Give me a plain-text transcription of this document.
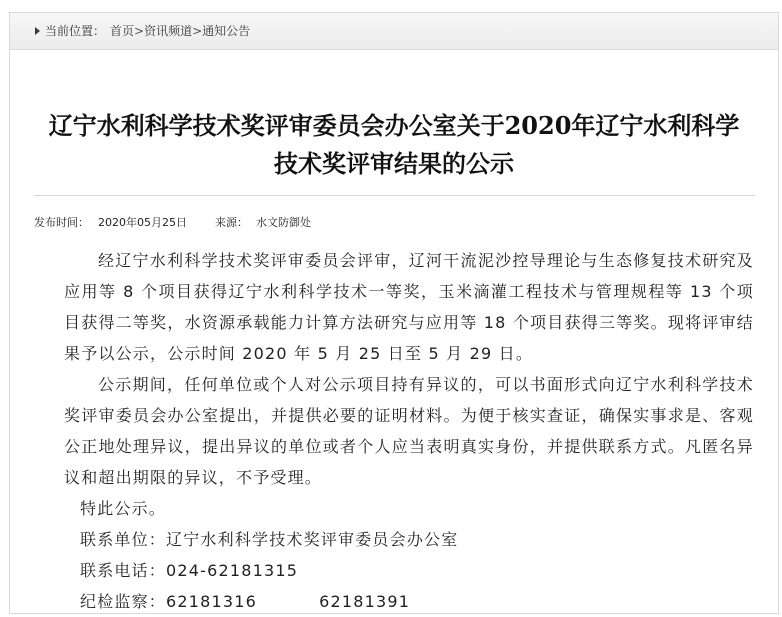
当前位置： 首页>资讯频道>通知公告
辽宁水利科学技术奖评审委员会办公室关于2020年辽宁水利科学
技术奖评审结果的公示
发布时间： 2020年05月25日	来源： 水文防御处

经辽宁水利科学技术奖评审委员会评审，辽河干流泥沙控导理论与生态修复技术研究及应用等 8 个项目获得辽宁水利科学技术一等奖，玉米滴灌工程技术与管理规程等 13 个项目获得二等奖，水资源承载能力计算方法研究与应用等 18 个项目获得三等奖。现将评审结果予以公示，公示时间 2020 年 5 月 25 日至 5 月 29 日。

公示期间，任何单位或个人对公示项目持有异议的，可以书面形式向辽宁水利科学技术奖评审委员会办公室提出，并提供必要的证明材料。为便于核实查证，确保实事求是、客观公正地处理异议，提出异议的单位或者个人应当表明真实身份，并提供联系方式。凡匿名异议和超出期限的异议，不予受理。

特此公示。

联系单位：辽宁水利科学技术奖评审委员会办公室

联系电话：024-62181315

纪检监察：62181316	62181391
